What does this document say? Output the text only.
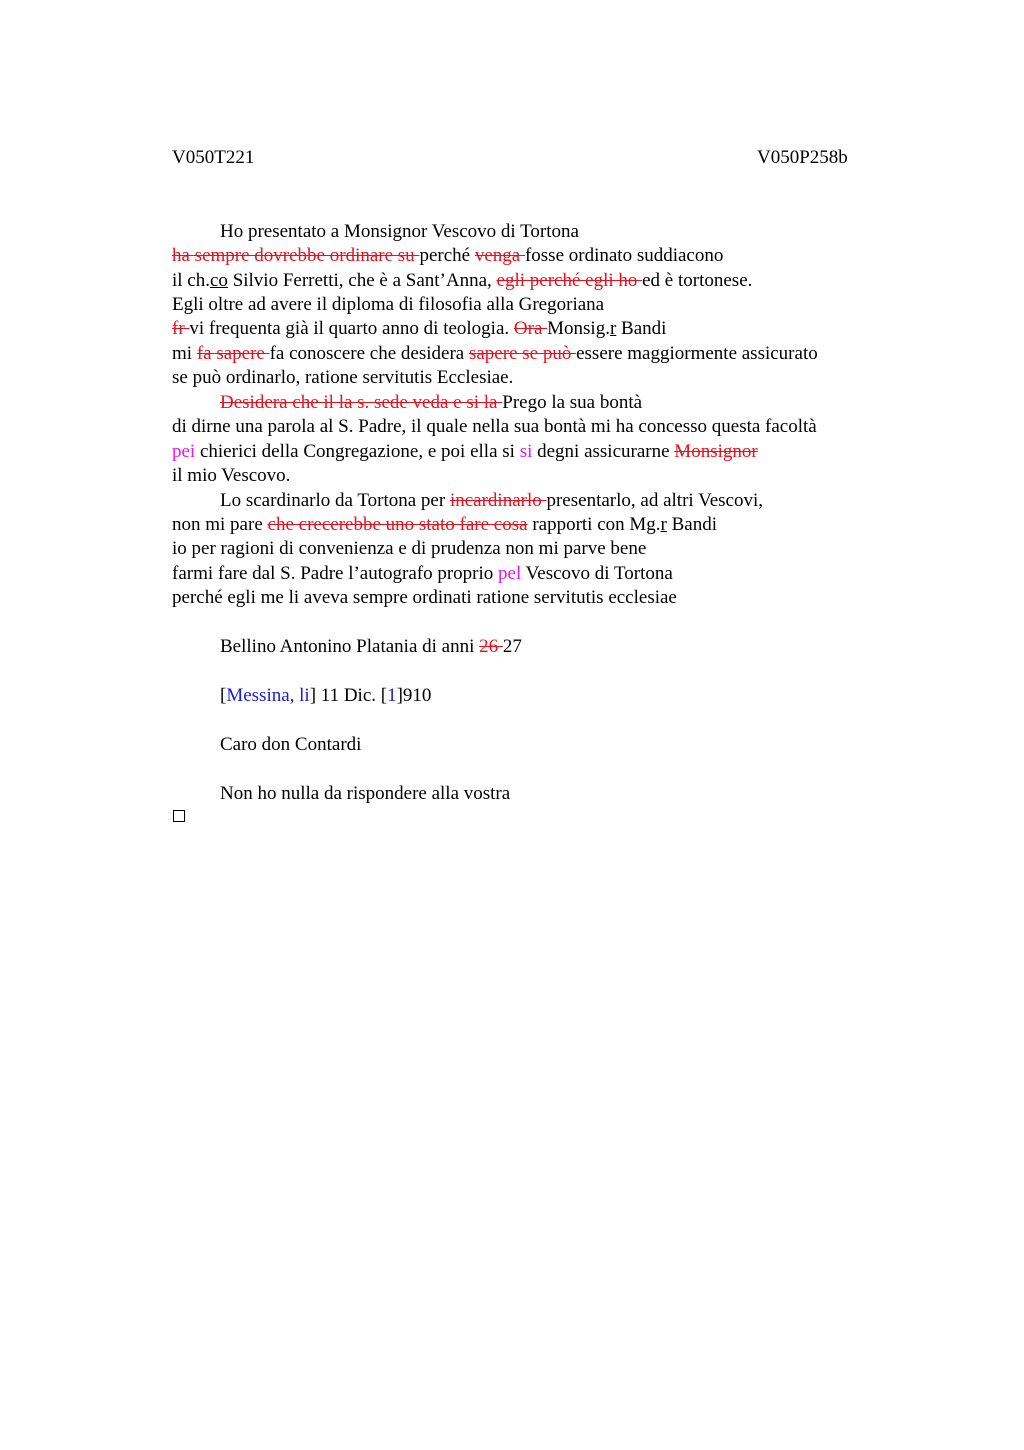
V050T221	V050P258b
Ho presentato a Monsignor Vescovo di Tortona
ha sempre dovrebbe ordinare su perché venga fosse ordinato suddiacono
il ch.co Silvio Ferretti, che è a Sant’Anna, egli perché egli ho ed è tortonese.
Egli oltre ad avere il diploma di filosofia alla Gregoriana
fr vi frequenta già il quarto anno di teologia. Ora Monsig.r Bandi
mi fa sapere fa conoscere che desidera sapere se può essere maggiormente assicurato
se può ordinarlo, ratione servitutis Ecclesiae.
Desidera che il la s. sede veda e si la Prego la sua bontà
di dirne una parola al S. Padre, il quale nella sua bontà mi ha concesso questa facoltà
pei chierici della Congregazione, e poi ella si si degni assicurarne Monsignor
il mio Vescovo.
Lo scardinarlo da Tortona per incardinarlo presentarlo, ad altri Vescovi,
non mi pare che crecerebbe uno stato fare cosa rapporti con Mg.r Bandi
io per ragioni di convenienza e di prudenza non mi parve bene
farmi fare dal S. Padre l’autografo proprio pel Vescovo di Tortona
perché egli me li aveva sempre ordinati ratione servitutis ecclesiae
Bellino Antonino Platania di anni 26 27
[Messina, li] 11 Dic. [1]910
Caro don Contardi
Non ho nulla da rispondere alla vostra
